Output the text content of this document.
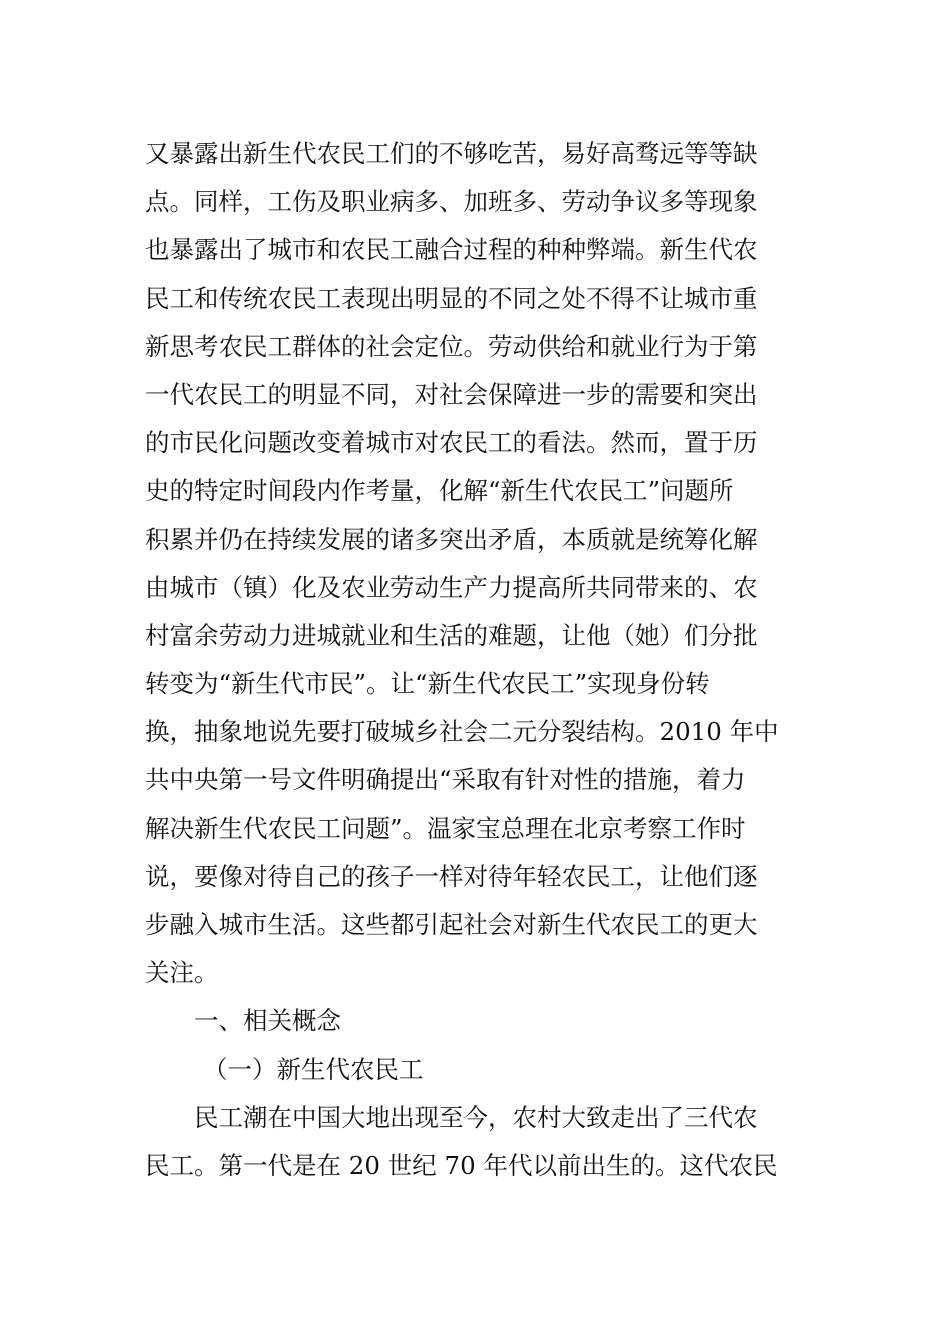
又暴露出新生代农民工们的不够吃苦，易好高骛远等等缺
点。同样，工伤及职业病多、加班多、劳动争议多等现象
也暴露出了城市和农民工融合过程的种种弊端。新生代农
民工和传统农民工表现出明显的不同之处不得不让城市重
新思考农民工群体的社会定位。劳动供给和就业行为于第
一代农民工的明显不同，对社会保障进一步的需要和突出
的市民化问题改变着城市对农民工的看法。然而，置于历
史的特定时间段内作考量，化解“新生代农民工”问题所
积累并仍在持续发展的诸多突出矛盾，本质就是统筹化解
由城市（镇）化及农业劳动生产力提高所共同带来的、农
村富余劳动力进城就业和生活的难题，让他（她）们分批
转变为“新生代市民”。让“新生代农民工”实现身份转
换，抽象地说先要打破城乡社会二元分裂结构。2010 年中
共中央第一号文件明确提出“采取有针对性的措施，着力
解决新生代农民工问题”。温家宝总理在北京考察工作时
说，要像对待自己的孩子一样对待年轻农民工，让他们逐
步融入城市生活。这些都引起社会对新生代农民工的更大
关注。
一、相关概念
（一）新生代农民工
民工潮在中国大地出现至今，农村大致走出了三代农
民工。第一代是在 20 世纪 70 年代以前出生的。这代农民
